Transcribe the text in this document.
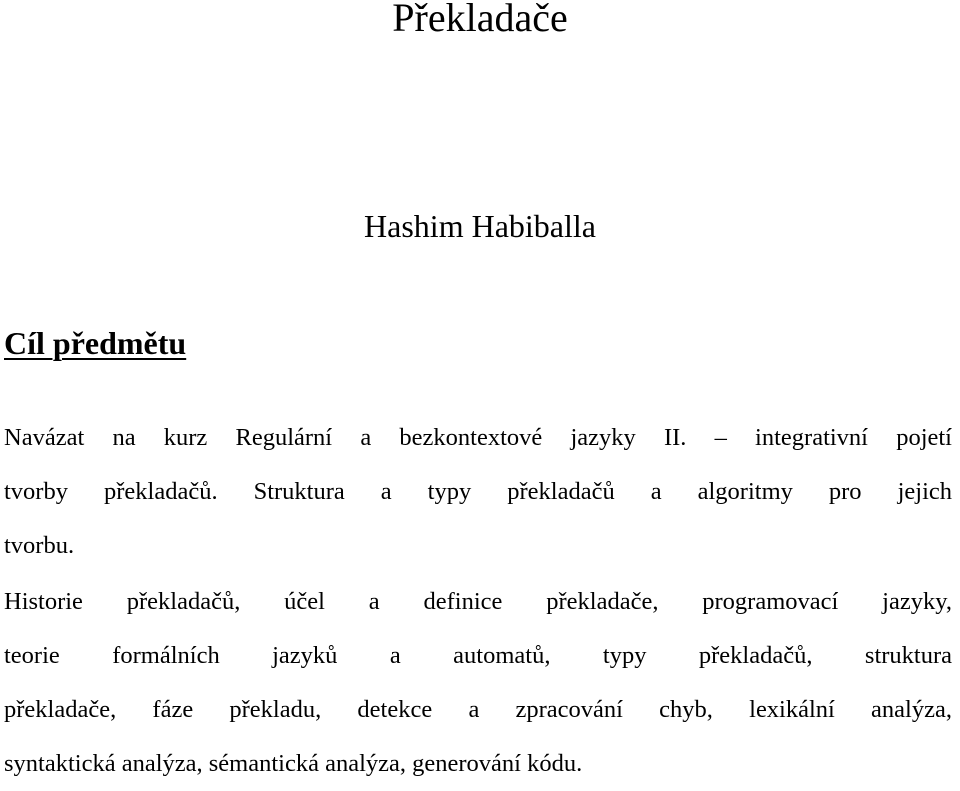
Překladače
Hashim Habiballa
Cíl předmětu

Navázat na kurz Regulární a bezkontextové jazyky II. – integrativní pojetí
tvorby překladačů. Struktura a typy překladačů a algoritmy pro jejich
tvorbu.

Historie překladačů, účel a definice překladače, programovací jazyky,
teorie formálních jazyků a automatů, typy překladačů, struktura
překladače, fáze překladu, detekce a zpracování chyb, lexikální analýza,
syntaktická analýza, sémantická analýza, generování kódu.
